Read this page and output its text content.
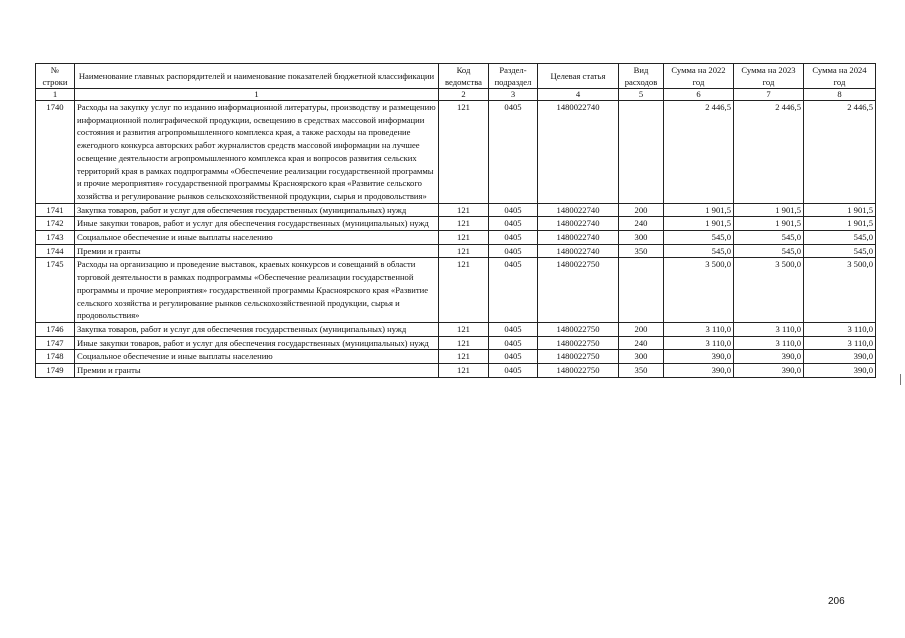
№ строки	Наименование главных распорядителей и наименование показателей бюджетной классификации	Код ведомства	Раздел-подраздел	Целевая статья	Вид расходов	Сумма на 2022 год	Сумма на 2023 год	Сумма на 2024 год
1	1	2	3	4	5	6	7	8
1740	Расходы на закупку услуг по изданию информационной литературы, производству и размещению информационной полиграфической продукции, освещению в средствах массовой информации состояния и развития агропромышленного комплекса края, а также расходы на проведение ежегодного конкурса авторских работ журналистов средств массовой информации на лучшее освещение деятельности агропромышленного комплекса края и вопросов развития сельских территорий края в рамках подпрограммы «Обеспечение реализации государственной программы и прочие мероприятия» государственной программы Красноярского края «Развитие сельского хозяйства и регулирование рынков сельскохозяйственной продукции, сырья и продовольствия»	121	0405	1480022740		2 446,5	2 446,5	2 446,5
1741	Закупка товаров, работ и услуг для обеспечения государственных (муниципальных) нужд	121	0405	1480022740	200	1 901,5	1 901,5	1 901,5
1742	Иные закупки товаров, работ и услуг для обеспечения государственных (муниципальных) нужд	121	0405	1480022740	240	1 901,5	1 901,5	1 901,5
1743	Социальное обеспечение и иные выплаты населению	121	0405	1480022740	300	545,0	545,0	545,0
1744	Премии и гранты	121	0405	1480022740	350	545,0	545,0	545,0
1745	Расходы на организацию и проведение выставок, краевых конкурсов и совещаний в области торговой деятельности в рамках подпрограммы «Обеспечение реализации государственной программы и прочие мероприятия» государственной программы Красноярского края «Развитие сельского хозяйства и регулирование рынков сельскохозяйственной продукции, сырья и продовольствия»	121	0405	1480022750		3 500,0	3 500,0	3 500,0
1746	Закупка товаров, работ и услуг для обеспечения государственных (муниципальных) нужд	121	0405	1480022750	200	3 110,0	3 110,0	3 110,0
1747	Иные закупки товаров, работ и услуг для обеспечения государственных (муниципальных) нужд	121	0405	1480022750	240	3 110,0	3 110,0	3 110,0
1748	Социальное обеспечение и иные выплаты населению	121	0405	1480022750	300	390,0	390,0	390,0
1749	Премии и гранты	121	0405	1480022750	350	390,0	390,0	390,0
206
